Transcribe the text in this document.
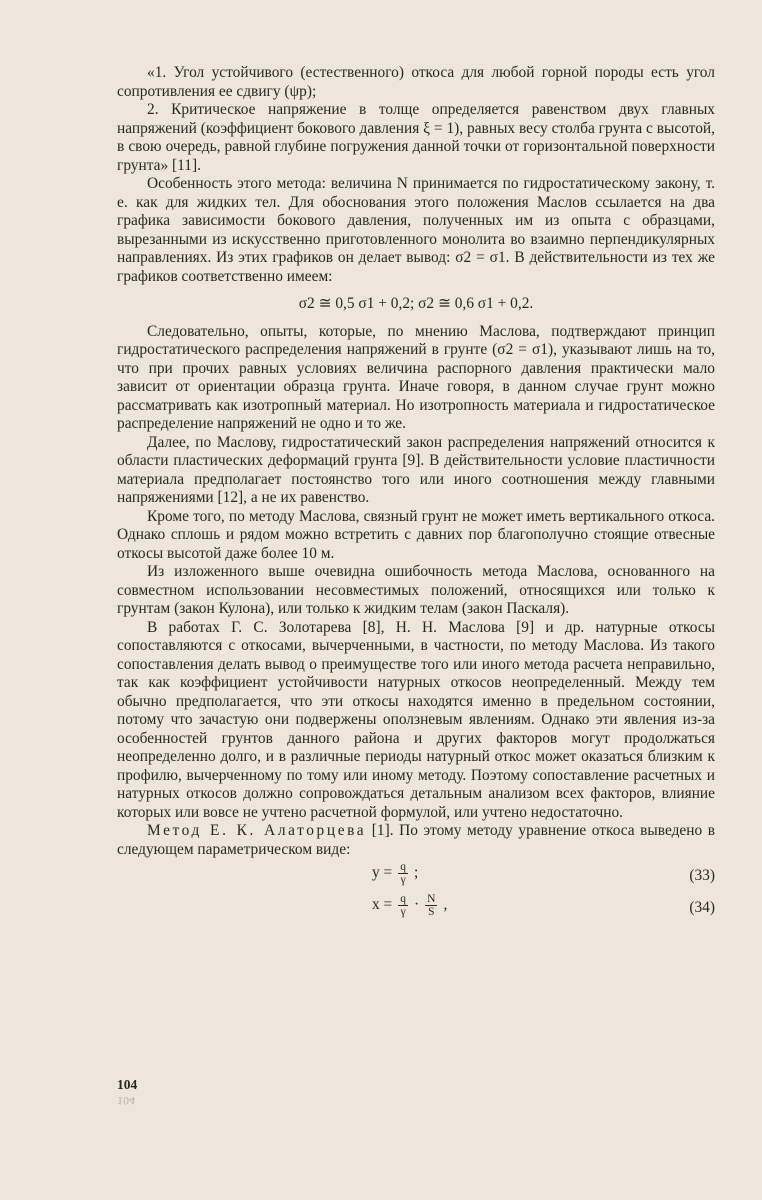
«1. Угол устойчивого (естественного) откоса для любой горной породы есть угол сопротивления ее сдвигу (ψp);

2. Критическое напряжение в толще определяется равенством двух главных напряжений (коэффициент бокового давления ξ = 1), равных весу столба грунта с высотой, в свою очередь, равной глубине погружения данной точки от горизонтальной поверхности грунта» [11].

Особенность этого метода: величина N принимается по гидростатическому закону, т. е. как для жидких тел. Для обоснования этого положения Маслов ссылается на два графика зависимости бокового давления, полученных им из опыта с образцами, вырезанными из искусственно приготовленного монолита во взаимно перпендикулярных направлениях. Из этих графиков он делает вывод: σ2 = σ1. В действительности из тех же графиков соответственно имеем:

σ2 ≅ 0,5 σ1 + 0,2; σ2 ≅ 0,6 σ1 + 0,2.

Следовательно, опыты, которые, по мнению Маслова, подтверждают принцип гидростатического распределения напряжений в грунте (σ2 = σ1), указывают лишь на то, что при прочих равных условиях величина распорного давления практически мало зависит от ориентации образца грунта. Иначе говоря, в данном случае грунт можно рассматривать как изотропный материал. Но изотропность материала и гидростатическое распределение напряжений не одно и то же.

Далее, по Маслову, гидростатический закон распределения напряжений относится к области пластических деформаций грунта [9]. В действительности условие пластичности материала предполагает постоянство того или иного соотношения между главными напряжениями [12], а не их равенство.

Кроме того, по методу Маслова, связный грунт не может иметь вертикального откоса. Однако сплошь и рядом можно встретить с давних пор благополучно стоящие отвесные откосы высотой даже более 10 м.

Из изложенного выше очевидна ошибочность метода Маслова, основанного на совместном использовании несовместимых положений, относящихся или только к грунтам (закон Кулона), или только к жидким телам (закон Паскаля).

В работах Г. С. Золотарева [8], Н. Н. Маслова [9] и др. натурные откосы сопоставляются с откосами, вычерченными, в частности, по методу Маслова. Из такого сопоставления делать вывод о преимуществе того или иного метода расчета неправильно, так как коэффициент устойчивости натурных откосов неопределенный. Между тем обычно предполагается, что эти откосы находятся именно в предельном состоянии, потому что зачастую они подвержены оползневым явлениям. Однако эти явления из-за особенностей грунтов данного района и других факторов могут продолжаться неопределенно долго, и в различные периоды натурный откос может оказаться близким к профилю, вычерченному по тому или иному методу. Поэтому сопоставление расчетных и натурных откосов должно сопровождаться детальным анализом всех факторов, влияние которых или вовсе не учтено расчетной формулой, или учтено недостаточно.

Метод Е. К. Алаторцева [1]. По этому методу уравнение откоса выведено в следующем параметрическом виде:

$y = \frac{q}{\gamma}$ ;	(33)
$x = \frac{q}{\gamma} \cdot \frac{N}{S}$ ,	(34)
104
104
